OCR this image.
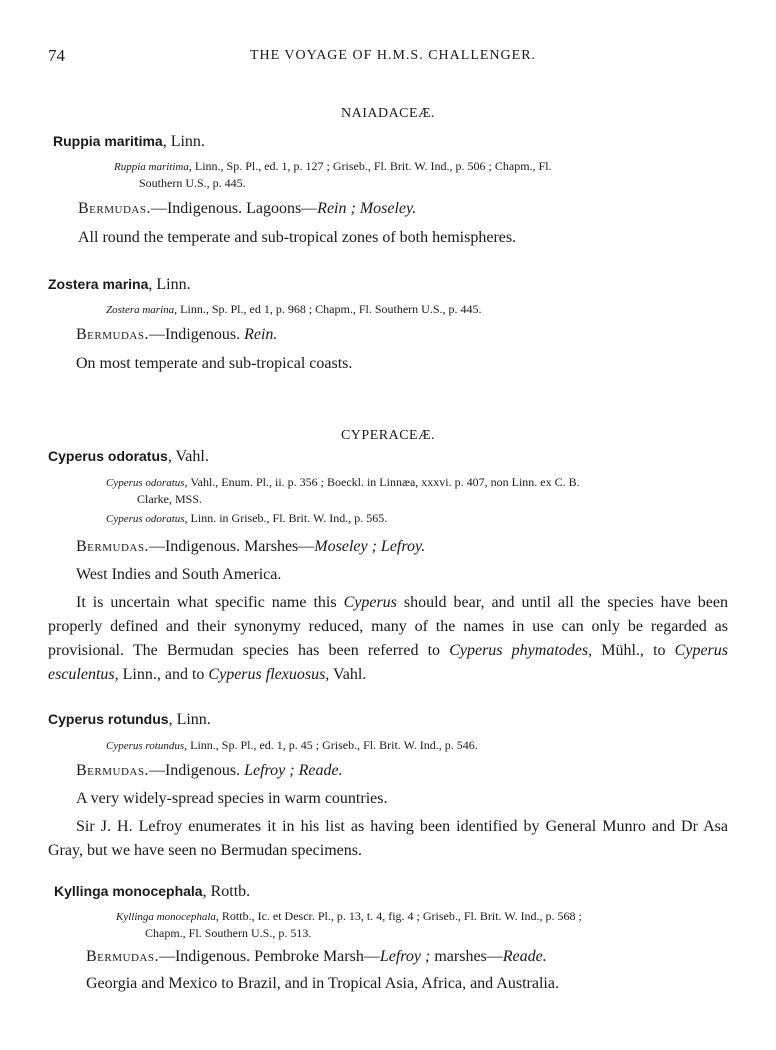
74	THE VOYAGE OF H.M.S. CHALLENGER.
NAIADACEÆ.
Ruppia maritima, Linn.
Ruppia maritima, Linn., Sp. Pl., ed. 1, p. 127 ; Griseb., Fl. Brit. W. Ind., p. 506 ; Chapm., Fl.
Southern U.S., p. 445.
Bermudas.—Indigenous. Lagoons—Rein ; Moseley.
All round the temperate and sub-tropical zones of both hemispheres.
Zostera marina, Linn.
Zostera marina, Linn., Sp. Pl., ed 1, p. 968 ; Chapm., Fl. Southern U.S., p. 445.
Bermudas.—Indigenous. Rein.
On most temperate and sub-tropical coasts.
CYPERACEÆ.
Cyperus odoratus, Vahl.
Cyperus odoratus, Vahl., Enum. Pl., ii. p. 356 ; Boeckl. in Linnæa, xxxvi. p. 407, non Linn. ex C. B.
Clarke, MSS.
Cyperus odoratus, Linn. in Griseb., Fl. Brit. W. Ind., p. 565.
Bermudas.—Indigenous. Marshes—Moseley ; Lefroy.
West Indies and South America.
It is uncertain what specific name this Cyperus should bear, and until all the species have been properly defined and their synonymy reduced, many of the names in use can only be regarded as provisional. The Bermudan species has been referred to Cyperus phymatodes, Mühl., to Cyperus esculentus, Linn., and to Cyperus flexuosus, Vahl.
Cyperus rotundus, Linn.
Cyperus rotundus, Linn., Sp. Pl., ed. 1, p. 45 ; Griseb., Fl. Brit. W. Ind., p. 546.
Bermudas.—Indigenous. Lefroy ; Reade.
A very widely-spread species in warm countries.
Sir J. H. Lefroy enumerates it in his list as having been identified by General Munro and Dr Asa Gray, but we have seen no Bermudan specimens.
Kyllinga monocephala, Rottb.
Kyllinga monocephala, Rottb., Ic. et Descr. Pl., p. 13, t. 4, fig. 4 ; Griseb., Fl. Brit. W. Ind., p. 568 ;
Chapm., Fl. Southern U.S., p. 513.
Bermudas.—Indigenous. Pembroke Marsh—Lefroy ; marshes—Reade.
Georgia and Mexico to Brazil, and in Tropical Asia, Africa, and Australia.
